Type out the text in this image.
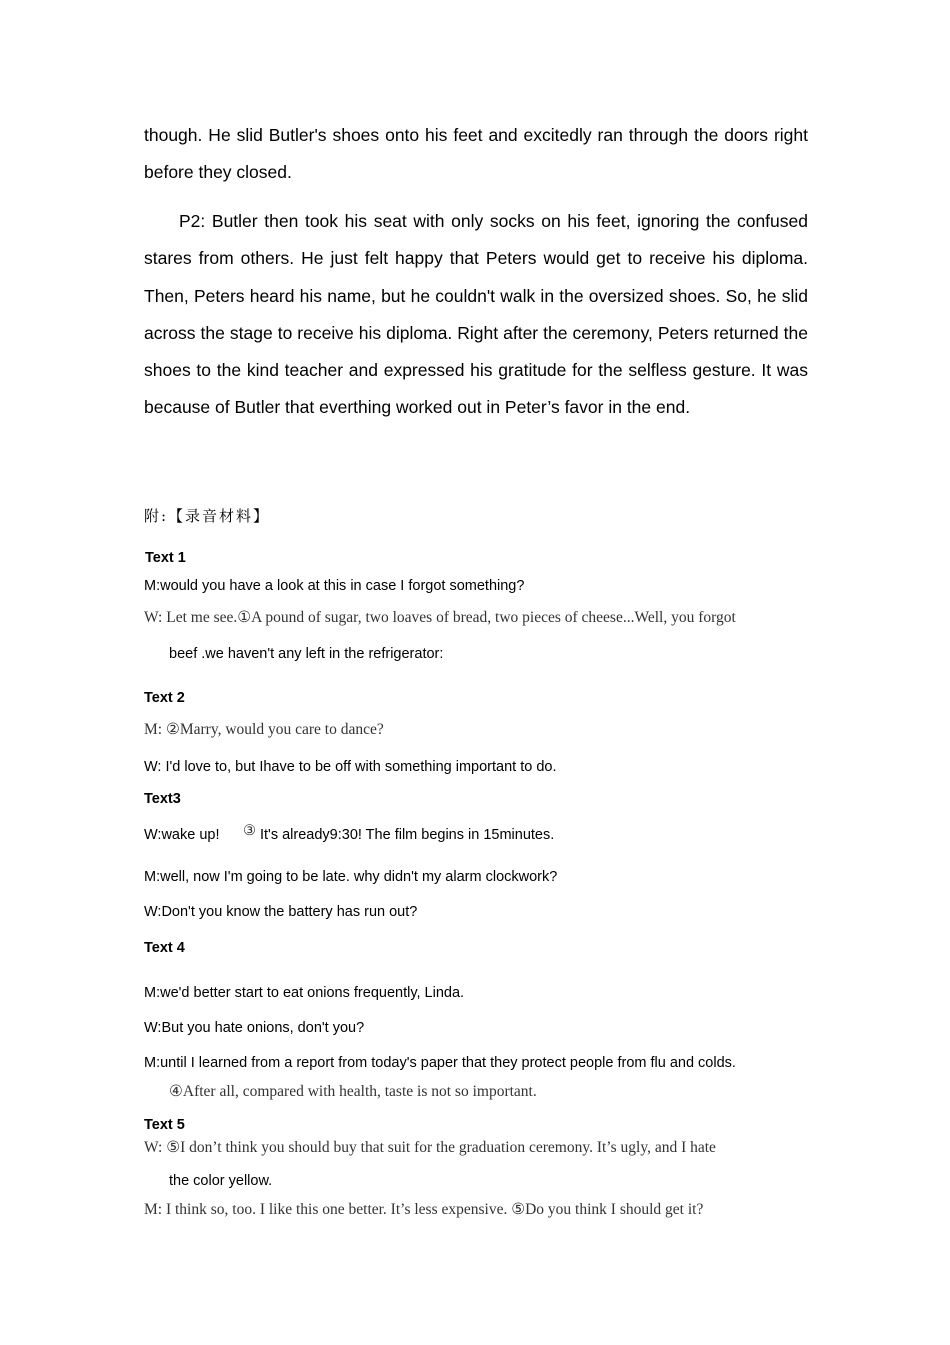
though. He slid Butler's shoes onto his feet and excitedly ran through the doors right before they closed.

P2: Butler then took his seat with only socks on his feet, ignoring the confused stares from others. He just felt happy that Peters would get to receive his diploma. Then, Peters heard his name, but he couldn't walk in the oversized shoes. So, he slid across the stage to receive his diploma. Right after the ceremony, Peters returned the shoes to the kind teacher and expressed his gratitude for the selfless gesture. It was because of Butler that everthing worked out in Peter’s favor in the end.

附:【录音材料】
Text 1
M:would you have a look at this in case I forgot something?
W: Let me see.①A pound of sugar, two loaves of bread, two pieces of cheese...Well, you forgot
beef .we haven't any left in the refrigerator:
Text 2
M: ②Marry, would you care to dance?
W: I'd love to, but Ihave to be off with something important to do.
Text3
W:wake up! ③ It's already9:30! The film begins in 15minutes.
M:well, now I'm going to be late. why didn't my alarm clockwork?
W:Don't you know the battery has run out?
Text 4
M:we'd better start to eat onions frequently, Linda.
W:But you hate onions, don't you?
M:until I learned from a report from today's paper that they protect people from flu and colds.
④After all, compared with health, taste is not so important.
Text 5
W: ⑤I don’t think you should buy that suit for the graduation ceremony. It’s ugly, and I hate
the color yellow.
M: I think so, too. I like this one better. It’s less expensive. ⑤Do you think I should get it?
